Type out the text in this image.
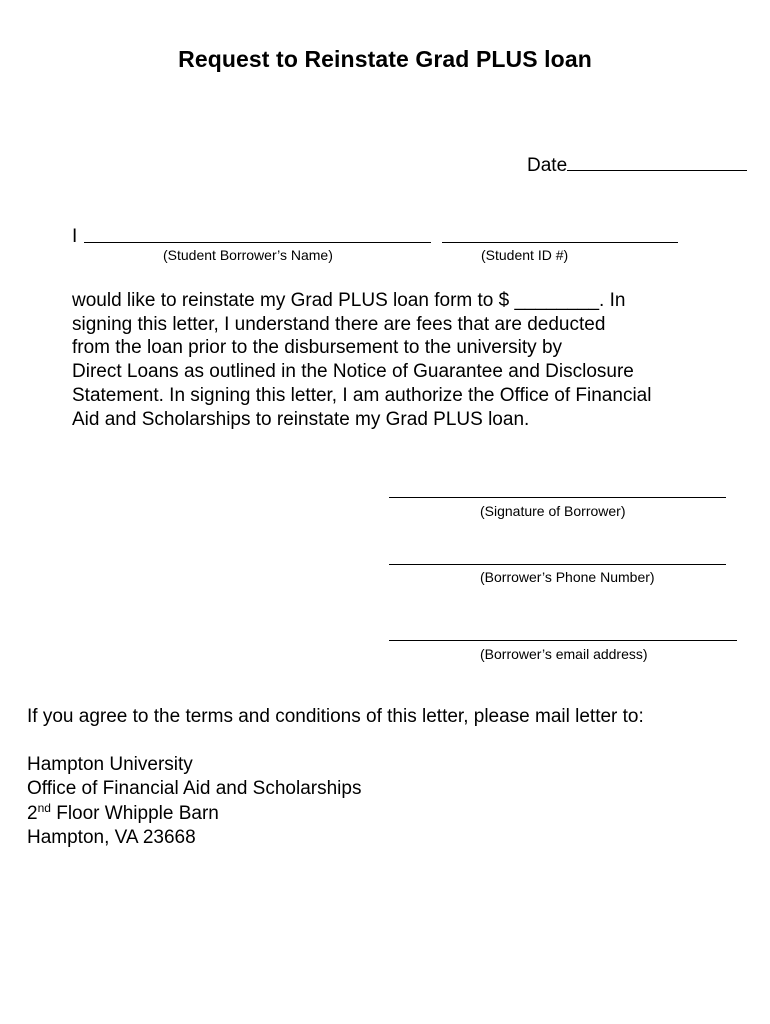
Request to Reinstate Grad PLUS loan
Date
I
(Student Borrower’s Name)	(Student ID #)
would like to reinstate my Grad PLUS loan form to $ ________. In
signing this letter, I understand there are fees that are deducted
from the loan prior to the disbursement to the university by
Direct Loans as outlined in the Notice of Guarantee and Disclosure
Statement. In signing this letter, I am authorize the Office of Financial
Aid and Scholarships to reinstate my Grad PLUS loan.
(Signature of Borrower)
(Borrower’s Phone Number)
(Borrower’s email address)
If you agree to the terms and conditions of this letter, please mail letter to:
Hampton University
Office of Financial Aid and Scholarships
2nd Floor Whipple Barn
Hampton, VA 23668
